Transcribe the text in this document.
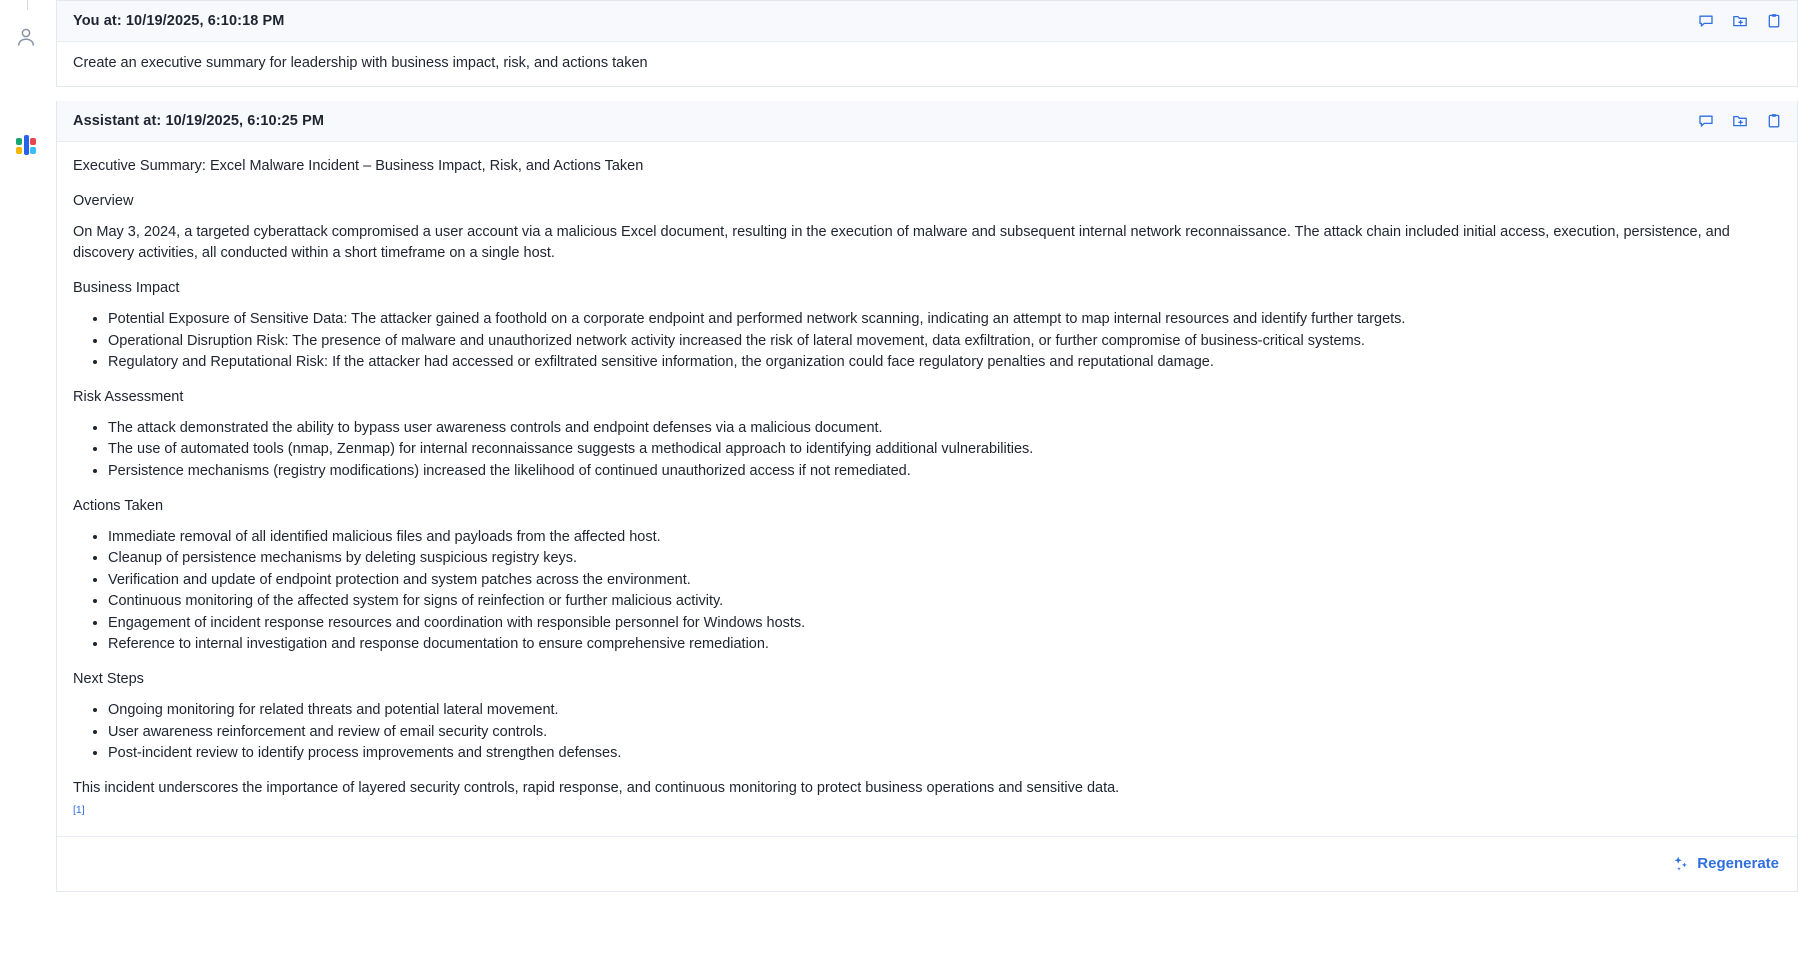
You at: 10/19/2025, 6:10:18 PM
Create an executive summary for leadership with business impact, risk, and actions taken
Assistant at: 10/19/2025, 6:10:25 PM

Executive Summary: Excel Malware Incident – Business Impact, Risk, and Actions Taken

Overview

On May 3, 2024, a targeted cyberattack compromised a user account via a malicious Excel document, resulting in the execution of malware and subsequent internal network reconnaissance. The attack chain included initial access, execution, persistence, and discovery activities, all conducted within a short timeframe on a single host.

Business Impact

• Potential Exposure of Sensitive Data: The attacker gained a foothold on a corporate endpoint and performed network scanning, indicating an attempt to map internal resources and identify further targets.
• Operational Disruption Risk: The presence of malware and unauthorized network activity increased the risk of lateral movement, data exfiltration, or further compromise of business-critical systems.
• Regulatory and Reputational Risk: If the attacker had accessed or exfiltrated sensitive information, the organization could face regulatory penalties and reputational damage.

Risk Assessment

• The attack demonstrated the ability to bypass user awareness controls and endpoint defenses via a malicious document.
• The use of automated tools (nmap, Zenmap) for internal reconnaissance suggests a methodical approach to identifying additional vulnerabilities.
• Persistence mechanisms (registry modifications) increased the likelihood of continued unauthorized access if not remediated.

Actions Taken

• Immediate removal of all identified malicious files and payloads from the affected host.
• Cleanup of persistence mechanisms by deleting suspicious registry keys.
• Verification and update of endpoint protection and system patches across the environment.
• Continuous monitoring of the affected system for signs of reinfection or further malicious activity.
• Engagement of incident response resources and coordination with responsible personnel for Windows hosts.
• Reference to internal investigation and response documentation to ensure comprehensive remediation.

Next Steps

• Ongoing monitoring for related threats and potential lateral movement.
• User awareness reinforcement and review of email security controls.
• Post-incident review to identify process improvements and strengthen defenses.

This incident underscores the importance of layered security controls, rapid response, and continuous monitoring to protect business operations and sensitive data.

[1]
Regenerate
